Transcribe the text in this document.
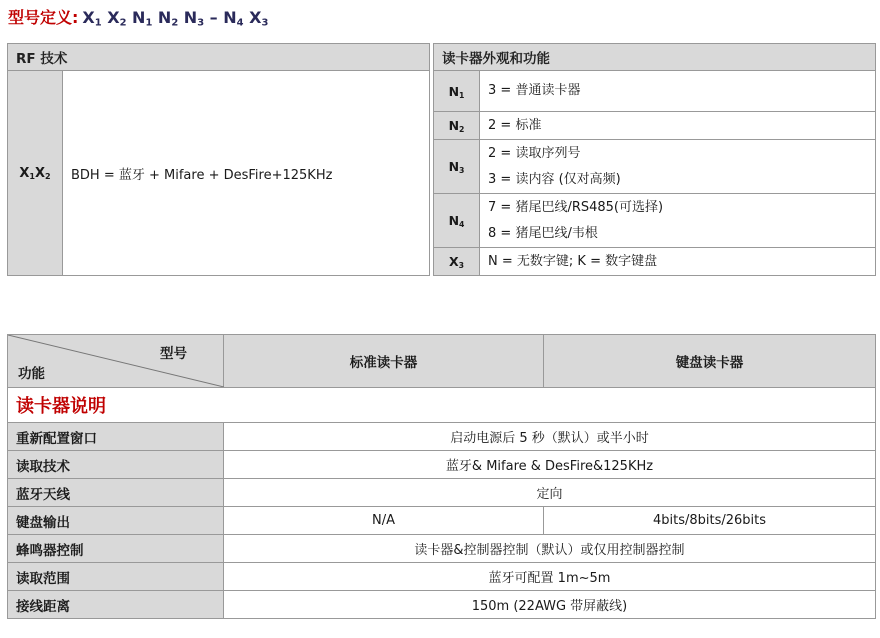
型号定义: $X_1$ $X_2$ $N_1$ $N_2$ $N_3 - N_4$ $X_3$
RF 技术			读卡器外观和功能	
$X_1X_2$	BDH = 蓝牙 + Mifare + DesFire+125KHz		$N_1$	3 = 普通读卡器

			$N_2$	2 = 标准

			$N_3$	2 = 读取序列号
3 = 读内容 (仅对高频)

			$N_4$	7 = 猪尾巴线/RS485(可选择)
8 = 猪尾巴线/韦根

			$X_3$	N = 无数字键; K = 数字键盘
型号
功能	标准读卡器	键盘读卡器
读卡器说明		
重新配置窗口	启动电源后 5 秒（默认）或半小时	
读取技术	蓝牙& Mifare & DesFire&125KHz	
蓝牙天线	定向	
键盘输出	N/A	4bits/8bits/26bits
蜂鸣器控制	读卡器&控制器控制（默认）或仅用控制器控制	
读取范围	蓝牙可配置 1m~5m	
接线距离	150m (22AWG 带屏蔽线)	
